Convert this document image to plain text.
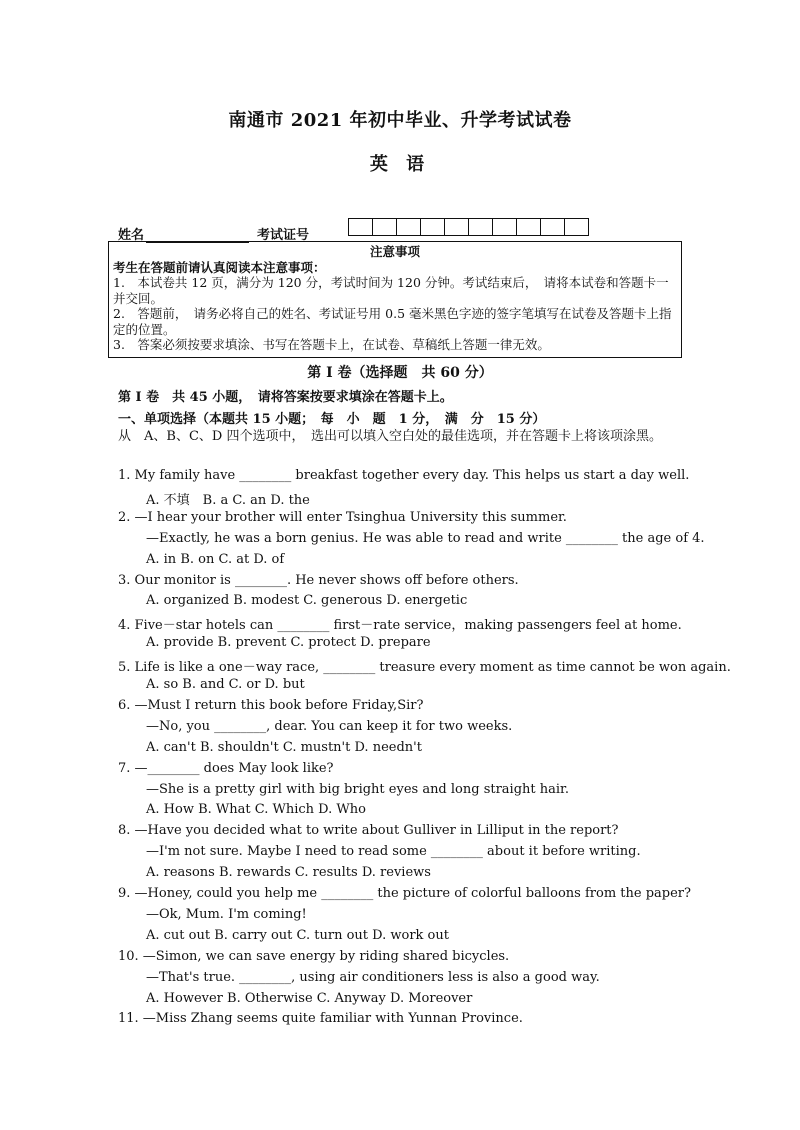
南通市 2021 年初中毕业、升学考试试卷
英 语
姓名	考试证号
注意事项
考生在答题前请认真阅读本注意事项：
1.　本试卷共 12 页，满分为 120 分，考试时间为 120 分钟。考试结束后，　请将本试卷和答题卡一并交回。
2.　答题前，　请务必将自己的姓名、考试证号用 0.5 毫米黑色字迹的签字笔填写在试卷及答题卡上指定的位置。
3.　答案必须按要求填涂、书写在答题卡上，在试卷、草稿纸上答题一律无效。
第 I 卷（选择题　共 60 分）
第 I 卷　共 45 小题，　请将答案按要求填涂在答题卡上。
一、单项选择（本题共 15 小题；　每　小　题　1 分，　满　分　15 分）
从　A、B、C、D 四个选项中，　选出可以填入空白处的最佳选项，并在答题卡上将该项涂黑。
1. My family have ________ breakfast together every day. This helps us start a day well.
A. 不填　B. a C. an D. the
2. —I hear your brother will enter Tsinghua University this summer.
—Exactly, he was a born genius. He was able to read and write ________ the age of 4.
A. in B. on C. at D. of
3. Our monitor is ________. He never shows off before others.
A. organized B. modest C. generous D. energetic
4. Five－star hotels can ________ first－rate service，making passengers feel at home.
A. provide B. prevent C. protect D. prepare
5. Life is like a one－way race, ________ treasure every moment as time cannot be won again.
A. so B. and C. or D. but
6. —Must I return this book before Friday,Sir?
—No, you ________, dear. You can keep it for two weeks.
A. can't B. shouldn't C. mustn't D. needn't
7. —________ does May look like?
—She is a pretty girl with big bright eyes and long straight hair.
A. How B. What C. Which D. Who
8. —Have you decided what to write about Gulliver in Lilliput in the report?
—I'm not sure. Maybe I need to read some ________ about it before writing.
A. reasons B. rewards C. results D. reviews
9. —Honey, could you help me ________ the picture of colorful balloons from the paper?
—Ok, Mum. I'm coming!
A. cut out B. carry out C. turn out D. work out
10. —Simon, we can save energy by riding shared bicycles.
—That's true. ________, using air conditioners less is also a good way.
A. However B. Otherwise C. Anyway D. Moreover
11. —Miss Zhang seems quite familiar with Yunnan Province.
